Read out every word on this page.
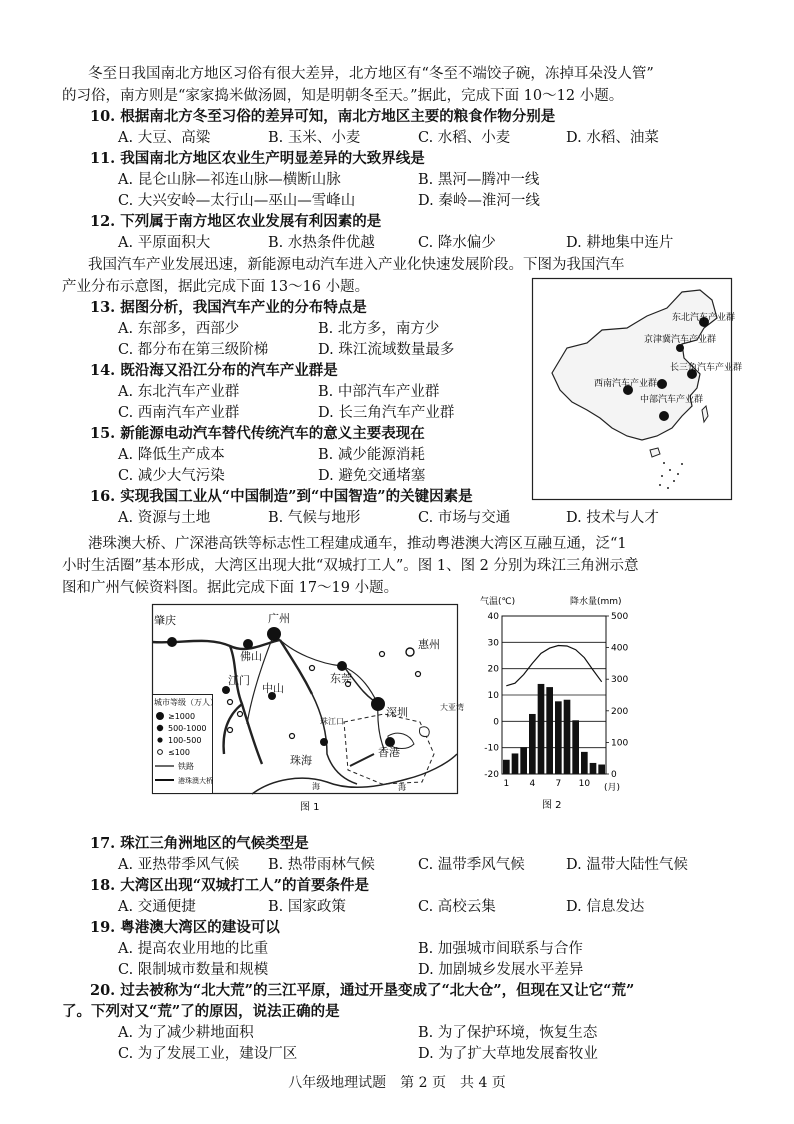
冬至日我国南北方地区习俗有很大差异，北方地区有“冬至不端饺子碗，冻掉耳朵没人管”
的习俗，南方则是“家家捣米做汤圆，知是明朝冬至天。”据此，完成下面 10～12 小题。
10. 根据南北方冬至习俗的差异可知，南北方地区主要的粮食作物分别是
A. 大豆、高粱	B. 玉米、小麦	C. 水稻、小麦	D. 水稻、油菜
11. 我国南北方地区农业生产明显差异的大致界线是
A. 昆仑山脉—祁连山脉—横断山脉	B. 黑河—腾冲一线
C. 大兴安岭—太行山—巫山—雪峰山	D. 秦岭—淮河一线
12. 下列属于南方地区农业发展有利因素的是
A. 平原面积大	B. 水热条件优越	C. 降水偏少	D. 耕地集中连片
我国汽车产业发展迅速，新能源电动汽车进入产业化快速发展阶段。下图为我国汽车
产业分布示意图，据此完成下面 13～16 小题。
13. 据图分析，我国汽车产业的分布特点是
A. 东部多，西部少	B. 北方多，南方少
C. 都分布在第三级阶梯	D. 珠江流域数量最多
14. 既沿海又沿江分布的汽车产业群是
A. 东北汽车产业群	B. 中部汽车产业群
C. 西南汽车产业群	D. 长三角汽车产业群
15. 新能源电动汽车替代传统汽车的意义主要表现在
A. 降低生产成本	B. 减少能源消耗
C. 减少大气污染	D. 避免交通堵塞
16. 实现我国工业从“中国制造”到“中国智造”的关键因素是
A. 资源与土地	B. 气候与地形	C. 市场与交通	D. 技术与人才
东北汽车产业群
京津冀汽车产业群
中部汽车产业群
长三角汽车产业群
西南汽车产业群
港珠澳大桥、广深港高铁等标志性工程建成通车，推动粤港澳大湾区互融互通，泛“1
小时生活圈”基本形成，大湾区出现大批“双城打工人”。图 1、图 2 分别为珠江三角洲示意
图和广州气候资料图。据此完成下面 17～19 小题。
肇庆	广州
佛山
东莞
惠州
江门
中山
深圳
珠海
香港
珠江口
大亚湾
海	海
城市等级（万人）
≥1000
500-1000
100-500
≤100
铁路
港珠澳大桥
图 1
气温(℃)	降水量(mm)
-20
-10
0
10
20
30
40
0
100
200
300
400
500
1 4 7 10 (月)
图 2
17. 珠江三角洲地区的气候类型是
A. 亚热带季风气候 B. 热带雨林气候	C. 温带季风气候	D. 温带大陆性气候
18. 大湾区出现“双城打工人”的首要条件是
A. 交通便捷	B. 国家政策	C. 高校云集	D. 信息发达
19. 粤港澳大湾区的建设可以
A. 提高农业用地的比重	B. 加强城市间联系与合作
C. 限制城市数量和规模	D. 加剧城乡发展水平差异
20. 过去被称为“北大荒”的三江平原，通过开垦变成了“北大仓”，但现在又让它“荒”
了。下列对又“荒”了的原因，说法正确的是
A. 为了减少耕地面积	B. 为了保护环境，恢复生态
C. 为了发展工业，建设厂区	D. 为了扩大草地发展畜牧业
八年级地理试题　第 2 页　共 4 页
